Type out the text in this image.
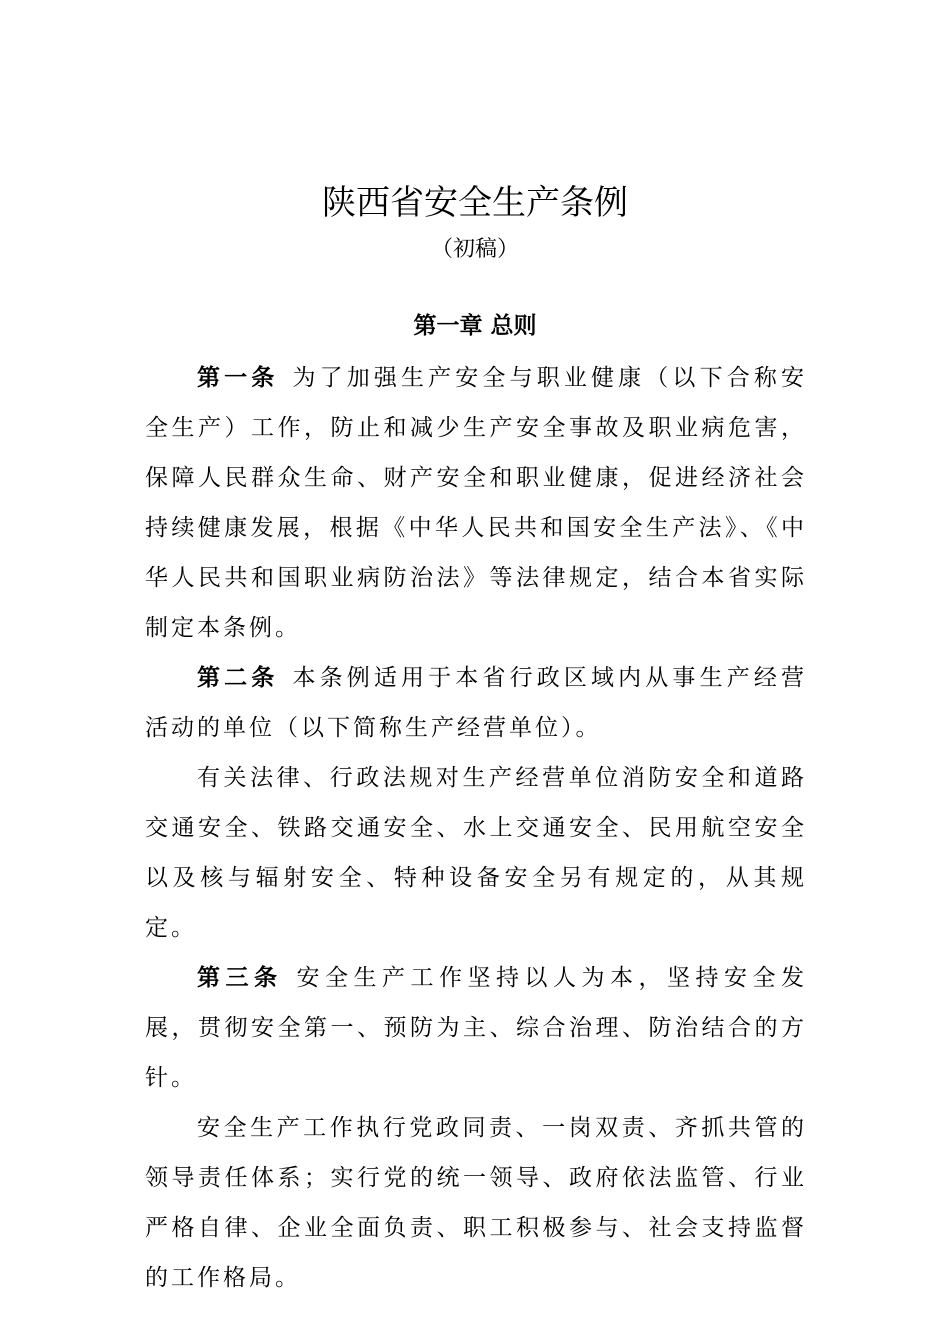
陕西省安全生产条例
（初稿）
第一章 总则

第一条 为了加强生产安全与职业健康（以下合称安全生产）工作，防止和减少生产安全事故及职业病危害，保障人民群众生命、财产安全和职业健康，促进经济社会持续健康发展，根据《中华人民共和国安全生产法》、《中华人民共和国职业病防治法》等法律规定，结合本省实际制定本条例。

第二条 本条例适用于本省行政区域内从事生产经营活动的单位（以下简称生产经营单位）。

有关法律、行政法规对生产经营单位消防安全和道路交通安全、铁路交通安全、水上交通安全、民用航空安全以及核与辐射安全、特种设备安全另有规定的，从其规定。

第三条 安全生产工作坚持以人为本，坚持安全发展，贯彻安全第一、预防为主、综合治理、防治结合的方针。

安全生产工作执行党政同责、一岗双责、齐抓共管的领导责任体系；实行党的统一领导、政府依法监管、行业严格自律、企业全面负责、职工积极参与、社会支持监督的工作格局。
